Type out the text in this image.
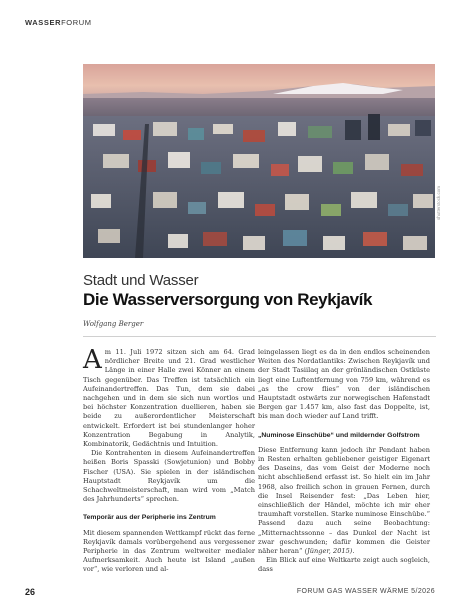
WASSERFORUM
shutterstock.com
Stadt und Wasser
Die Wasserversorgung von Reykjavík
Wolfgang Berger

Am 11. Juli 1972 sitzen sich am 64. Grad nördlicher Breite und 21. Grad westlicher Länge in einer Halle zwei Könner an einem Tisch gegenüber. Das Treffen ist tatsächlich ein Aufeinandertreffen. Das Tun, dem sie dabei nachgehen und in dem sie sich nun wortlos und bei höchster Konzentration duellieren, haben sie beide zu außerordentlicher Meisterschaft entwickelt. Erfordert ist bei stundenlanger hoher Konzentration Begabung in Analytik, Kombinatorik, Gedächtnis und Intuition.

Die Kontrahenten in diesem Aufeinandertreffen heißen Boris Spasski (Sowjetunion) und Bobby Fischer (USA). Sie spielen in der isländischen Hauptstadt Reykjavík um die Schachweltmeisterschaft, man wird vom „Match des Jahrhunderts“ sprechen.

Temporär aus der Peripherie ins Zentrum

Mit diesem spannenden Wettkampf rückt das ferne Reykjavík damals vorübergehend aus vergessener Peripherie in das Zentrum weltweiter medialer Aufmerksamkeit. Auch heute ist Island „außen vor“, wie verloren und al-

leingelassen liegt es da in den endlos scheinenden Weiten des Nordatlantiks: Zwischen Reykjavík und der Stadt Tasiilaq an der grönländischen Ostküste liegt eine Luftentfernung von 759 km, während es „as the crow flies“ von der isländischen Hauptstadt ostwärts zur norwegischen Hafenstadt Bergen gar 1.457 km, also fast das Doppelte, ist, bis man doch wieder auf Land trifft.

„Numinose Einschübe“ und mildernder Golfstrom

Diese Entfernung kann jedoch ihr Pendant haben in Resten erhalten gebliebener geistiger Eigenart des Daseins, das vom Geist der Moderne noch nicht abschließend erfasst ist. So hielt ein im Jahr 1968, also freilich schon in grauen Fernen, durch die Insel Reisender fest: „Das Leben hier, einschließlich der Händel, möchte ich mir eher traumhaft vorstellen. Starke numinose Einschübe.“ Passend dazu auch seine Beobachtung: „Mitternachtssonne – das Dunkel der Nacht ist zwar geschwunden; dafür kommen die Geister näher heran“ (Jünger, 2015).

Ein Blick auf eine Weltkarte zeigt auch sogleich, dass

26	FORUM GAS WASSER WÄRME 5/2026
